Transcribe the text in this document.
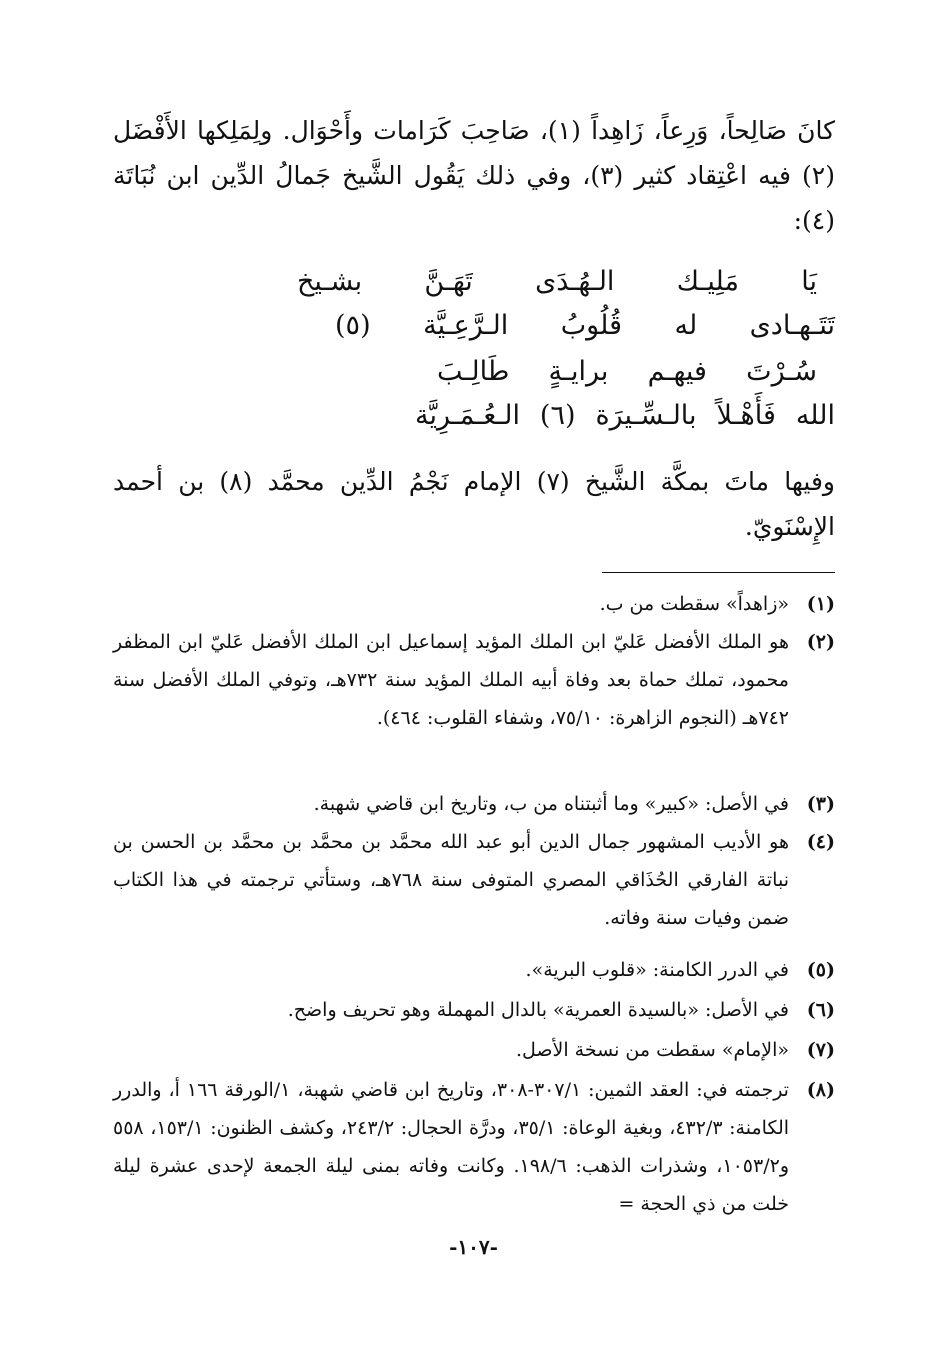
كانَ صَالِحاً، وَرِعاً، زَاهِداً (١)، صَاحِبَ كَرَامات وأَحْوَال. ولِمَلِكها الأَفْضَل (٢) فيه اعْتِقاد كثير (٣)، وفي ذلك يَقُول الشَّيخ جَمالُ الدِّين ابن نُبَاتَة (٤):

يَا مَلِيـك الـهُـدَى تَهَـنَّ بشـيخ
تَتَـهـادى له قُلُوبُ الـرَّعِـيَّة (٥)
سُـرْتَ فيهـم برايـةٍ طَالِـبَ
الله فَأَهْـلاً بالـسِّـيرَة (٦) الـعُـمَـرِيَّة

وفيها ماتَ بمكَّة الشَّيخ (٧) الإمام نَجْمُ الدِّين محمَّد (٨) بن أحمد الإِسْنَويّ.

(١)
«زاهداً» سقطت من ب.
(٢)
هو الملك الأفضل عَليّ ابن الملك المؤيد إسماعيل ابن الملك الأفضل عَليّ ابن المظفر محمود، تملك حماة بعد وفاة أبيه الملك المؤيد سنة ٧٣٢هـ، وتوفي الملك الأفضل سنة ٧٤٢هـ (النجوم الزاهرة: ٧٥/١٠، وشفاء القلوب: ٤٦٤).
(٣)
في الأصل: «كبير» وما أثبتناه من ب، وتاريخ ابن قاضي شهبة.
(٤)
هو الأديب المشهور جمال الدين أبو عبد الله محمَّد بن محمَّد بن محمَّد بن الحسن بن نباتة الفارقي الحُذَاقي المصري المتوفى سنة ٧٦٨هـ، وستأتي ترجمته في هذا الكتاب ضمن وفيات سنة وفاته.
(٥)
في الدرر الكامنة: «قلوب البرية».
(٦)
في الأصل: «بالسيدة العمرية» بالدال المهملة وهو تحريف واضح.
(٧)
«الإمام» سقطت من نسخة الأصل.
(٨)
ترجمته في: العقد الثمين: ٣٠٧/١-٣٠٨، وتاريخ ابن قاضي شهبة، ١/الورقة ١٦٦ أ، والدرر الكامنة: ٤٣٢/٣، وبغية الوعاة: ٣٥/١، ودرَّة الحجال: ٢٤٣/٢، وكشف الظنون: ١٥٣/١، ٥٥٨ و١٠٥٣/٢، وشذرات الذهب: ١٩٨/٦. وكانت وفاته بمنى ليلة الجمعة لإحدى عشرة ليلة خلت من ذي الحجة =
-١٠٧-
